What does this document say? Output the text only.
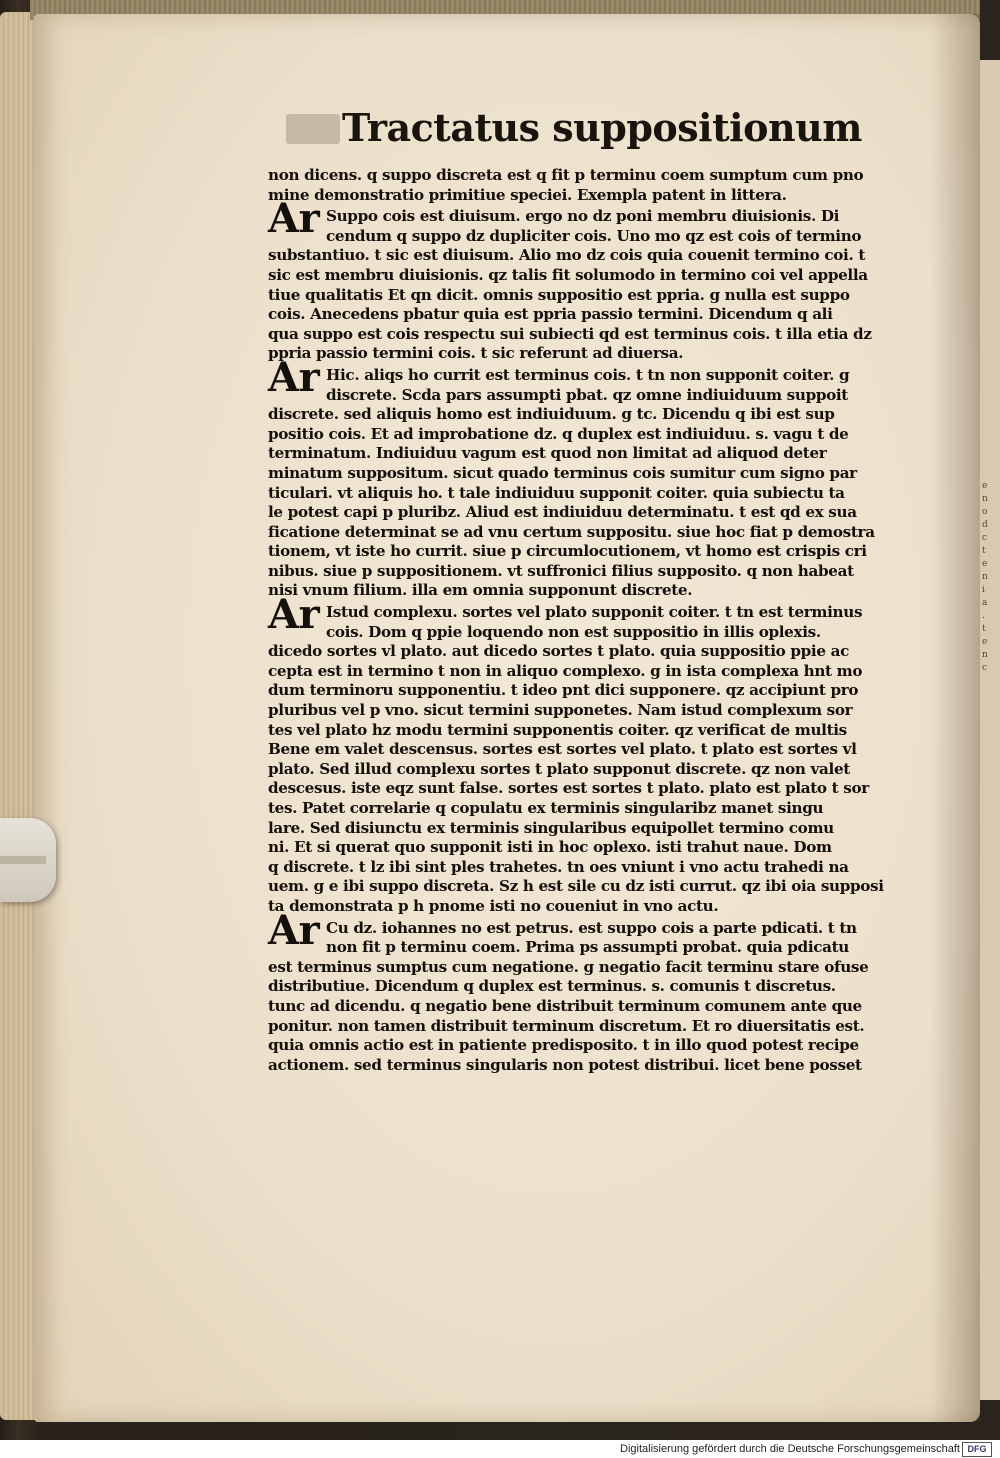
e
n
o
d
c
t
e
n
i
a
.
t
e
n
c
Tractatus suppositionum
non dicens. q suppo discreta est q fit p terminu coem sumptum cum pno
mine demonstratio primitiue speciei. Exempla patent in littera.
Ar Suppo cois est diuisum. ergo no dz poni membru diuisionis. Di
cendum q suppo dz dupliciter cois. Uno mo qz est cois of termino
substantiuo. t sic est diuisum. Alio mo dz cois quia couenit termino coi. t
sic est membru diuisionis. qz talis fit solumodo in termino coi vel appella
tiue qualitatis Et qn dicit. omnis suppositio est ppria. g nulla est suppo
cois. Anecedens pbatur quia est ppria passio termini. Dicendum q ali
qua suppo est cois respectu sui subiecti qd est terminus cois. t illa etia dz
ppria passio termini cois. t sic referunt ad diuersa.
Ar Hic. aliqs ho currit est terminus cois. t tn non supponit coiter. g
discrete. Scda pars assumpti pbat. qz omne indiuiduum suppoit
discrete. sed aliquis homo est indiuiduum. g tc. Dicendu q ibi est sup
positio cois. Et ad improbatione dz. q duplex est indiuiduu. s. vagu t de
terminatum. Indiuiduu vagum est quod non limitat ad aliquod deter
minatum suppositum. sicut quado terminus cois sumitur cum signo par
ticulari. vt aliquis ho. t tale indiuiduu supponit coiter. quia subiectu ta
le potest capi p pluribz. Aliud est indiuiduu determinatu. t est qd ex sua
ficatione determinat se ad vnu certum suppositu. siue hoc fiat p demostra
tionem, vt iste ho currit. siue p circumlocutionem, vt homo est crispis cri
nibus. siue p suppositionem. vt suffronici filius supposito. q non habeat
nisi vnum filium. illa em omnia supponunt discrete.
Ar Istud complexu. sortes vel plato supponit coiter. t tn est terminus
cois. Dom q ppie loquendo non est suppositio in illis oplexis.
dicedo sortes vl plato. aut dicedo sortes t plato. quia suppositio ppie ac
cepta est in termino t non in aliquo complexo. g in ista complexa hnt mo
dum terminoru supponentiu. t ideo pnt dici supponere. qz accipiunt pro
pluribus vel p vno. sicut termini supponetes. Nam istud complexum sor
tes vel plato hz modu termini supponentis coiter. qz verificat de multis
Bene em valet descensus. sortes est sortes vel plato. t plato est sortes vl
plato. Sed illud complexu sortes t plato supponut discrete. qz non valet
descesus. iste eqz sunt false. sortes est sortes t plato. plato est plato t sor
tes. Patet correlarie q copulatu ex terminis singularibz manet singu
lare. Sed disiunctu ex terminis singularibus equipollet termino comu
ni. Et si querat quo supponit isti in hoc oplexo. isti trahut naue. Dom
q discrete. t lz ibi sint ples trahetes. tn oes vniunt i vno actu trahedi na
uem. g e ibi suppo discreta. Sz h est sile cu dz isti currut. qz ibi oia supposi
ta demonstrata p h pnome isti no coueniut in vno actu.
Ar Cu dz. iohannes no est petrus. est suppo cois a parte pdicati. t tn
non fit p terminu coem. Prima ps assumpti probat. quia pdicatu
est terminus sumptus cum negatione. g negatio facit terminu stare ofuse
distributiue. Dicendum q duplex est terminus. s. comunis t discretus.
tunc ad dicendu. q negatio bene distribuit terminum comunem ante que
ponitur. non tamen distribuit terminum discretum. Et ro diuersitatis est.
quia omnis actio est in patiente predisposito. t in illo quod potest recipe
actionem. sed terminus singularis non potest distribui. licet bene posset
Digitalisierung gefördert durch die Deutsche Forschungsgemeinschaft DFG
